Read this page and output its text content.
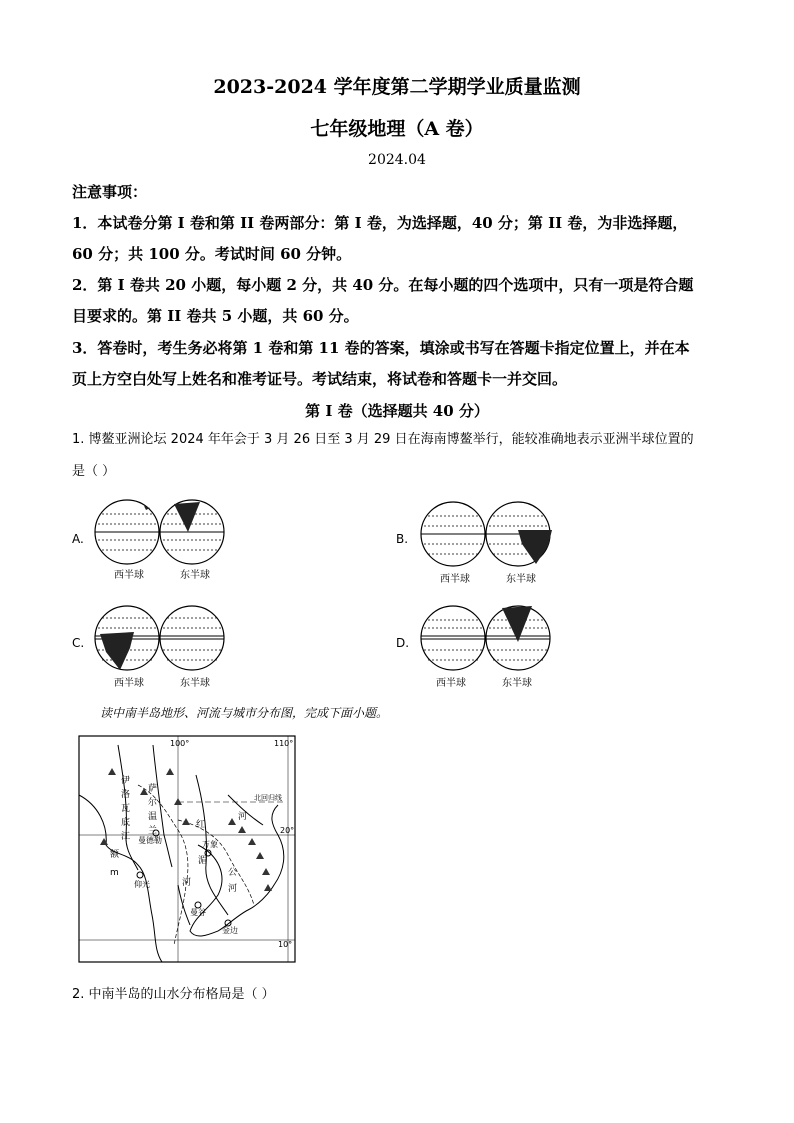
2023-2024 学年度第二学期学业质量监测
七年级地理（A 卷）
2024.04
注意事项：
1．本试卷分第 I 卷和第 II 卷两部分：第 I 卷，为选择题，40 分；第 II 卷，为非选择题，
60 分；共 100 分。考试时间 60 分钟。
2．第 I 卷共 20 小题，每小题 2 分，共 40 分。在每小题的四个选项中，只有一项是符合题
目要求的。第 II 卷共 5 小题，共 60 分。
3．答卷时，考生务必将第 1 卷和第 11 卷的答案，填涂或书写在答题卡指定位置上，并在本
页上方空白处写上姓名和准考证号。考试结束，将试卷和答题卡一并交回。
第 I 卷（选择题共 40 分）
1. 博鳌亚洲论坛 2024 年年会于 3 月 26 日至 3 月 29 日在海南博鳌举行，能较准确地表示亚洲半球位置的
是（ ）
A.
西半球	东半球
B.
西半球	东半球
C.
西半球	东半球
D.
西半球	东半球
读中南半岛地形、河流与城市分布图，完成下面小题。
100°	110°
20°
10°
北回归线
伊
洛
瓦
底
江
萨
尔
温
兰
红
河
湄
公
河
河
曼德勒	万象
仰光
曼谷
金边
额
m
2. 中南半岛的山水分布格局是（ ）
